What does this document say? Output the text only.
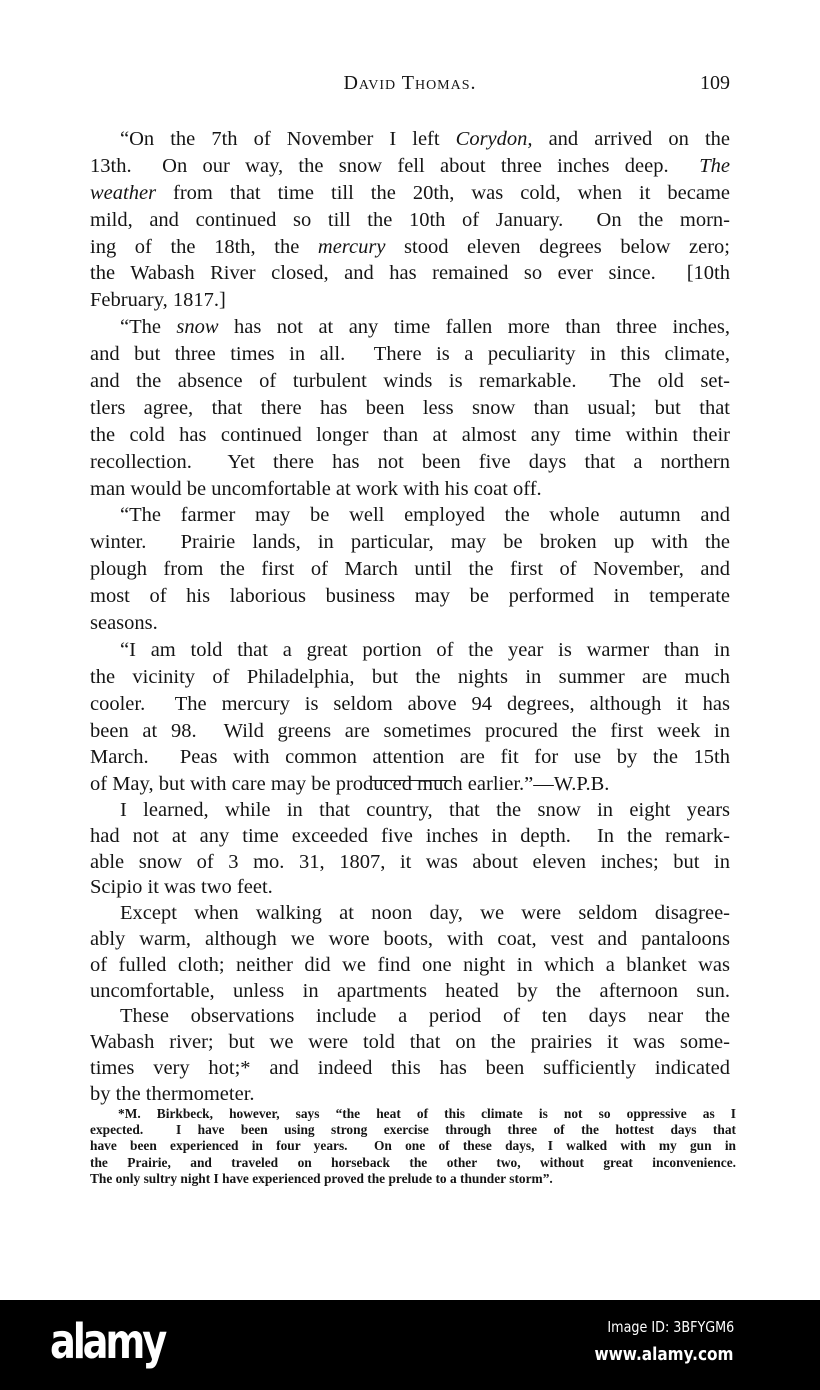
David Thomas.	109
“On the 7th of November I left Corydon, and arrived on the
13th.  On our way, the snow fell about three inches deep.  The
weather from that time till the 20th, was cold, when it became
mild, and continued so till the 10th of January.  On the morn-
ing of the 18th, the mercury stood eleven degrees below zero;
the Wabash River closed, and has remained so ever since.  [10th
February, 1817.]
“The snow has not at any time fallen more than three inches,
and but three times in all.  There is a peculiarity in this climate,
and the absence of turbulent winds is remarkable.  The old set-
tlers agree, that there has been less snow than usual; but that
the cold has continued longer than at almost any time within their
recollection.  Yet there has not been five days that a northern
man would be uncomfortable at work with his coat off.
“The farmer may be well employed the whole autumn and
winter.  Prairie lands, in particular, may be broken up with the
plough from the first of March until the first of November, and
most of his laborious business may be performed in temperate
seasons.
“I am told that a great portion of the year is warmer than in
the vicinity of Philadelphia, but the nights in summer are much
cooler.  The mercury is seldom above 94 degrees, although it has
been at 98.  Wild greens are sometimes procured the first week in
March.  Peas with common attention are fit for use by the 15th
of May, but with care may be produced much earlier.”—W.P.B.
I learned, while in that country, that the snow in eight years
had not at any time exceeded five inches in depth.  In the remark-
able snow of 3 mo. 31, 1807, it was about eleven inches; but in
Scipio it was two feet.
Except when walking at noon day, we were seldom disagree-
ably warm, although we wore boots, with coat, vest and pantaloons
of fulled cloth; neither did we find one night in which a blanket was
uncomfortable, unless in apartments heated by the afternoon sun.
These observations include a period of ten days near the
Wabash river; but we were told that on the prairies it was some-
times very hot;* and indeed this has been sufficiently indicated
by the thermometer.
*M. Birkbeck, however, says “the heat of this climate is not so oppressive as I
expected.  I have been using strong exercise through three of the hottest days that
have been experienced in four years.  On one of these days, I walked with my gun in
the Prairie, and traveled on horseback the other two, without great inconvenience.
The only sultry night I have experienced proved the prelude to a thunder storm”.
alamy	Image ID: 3BFYGM6
www.alamy.com
